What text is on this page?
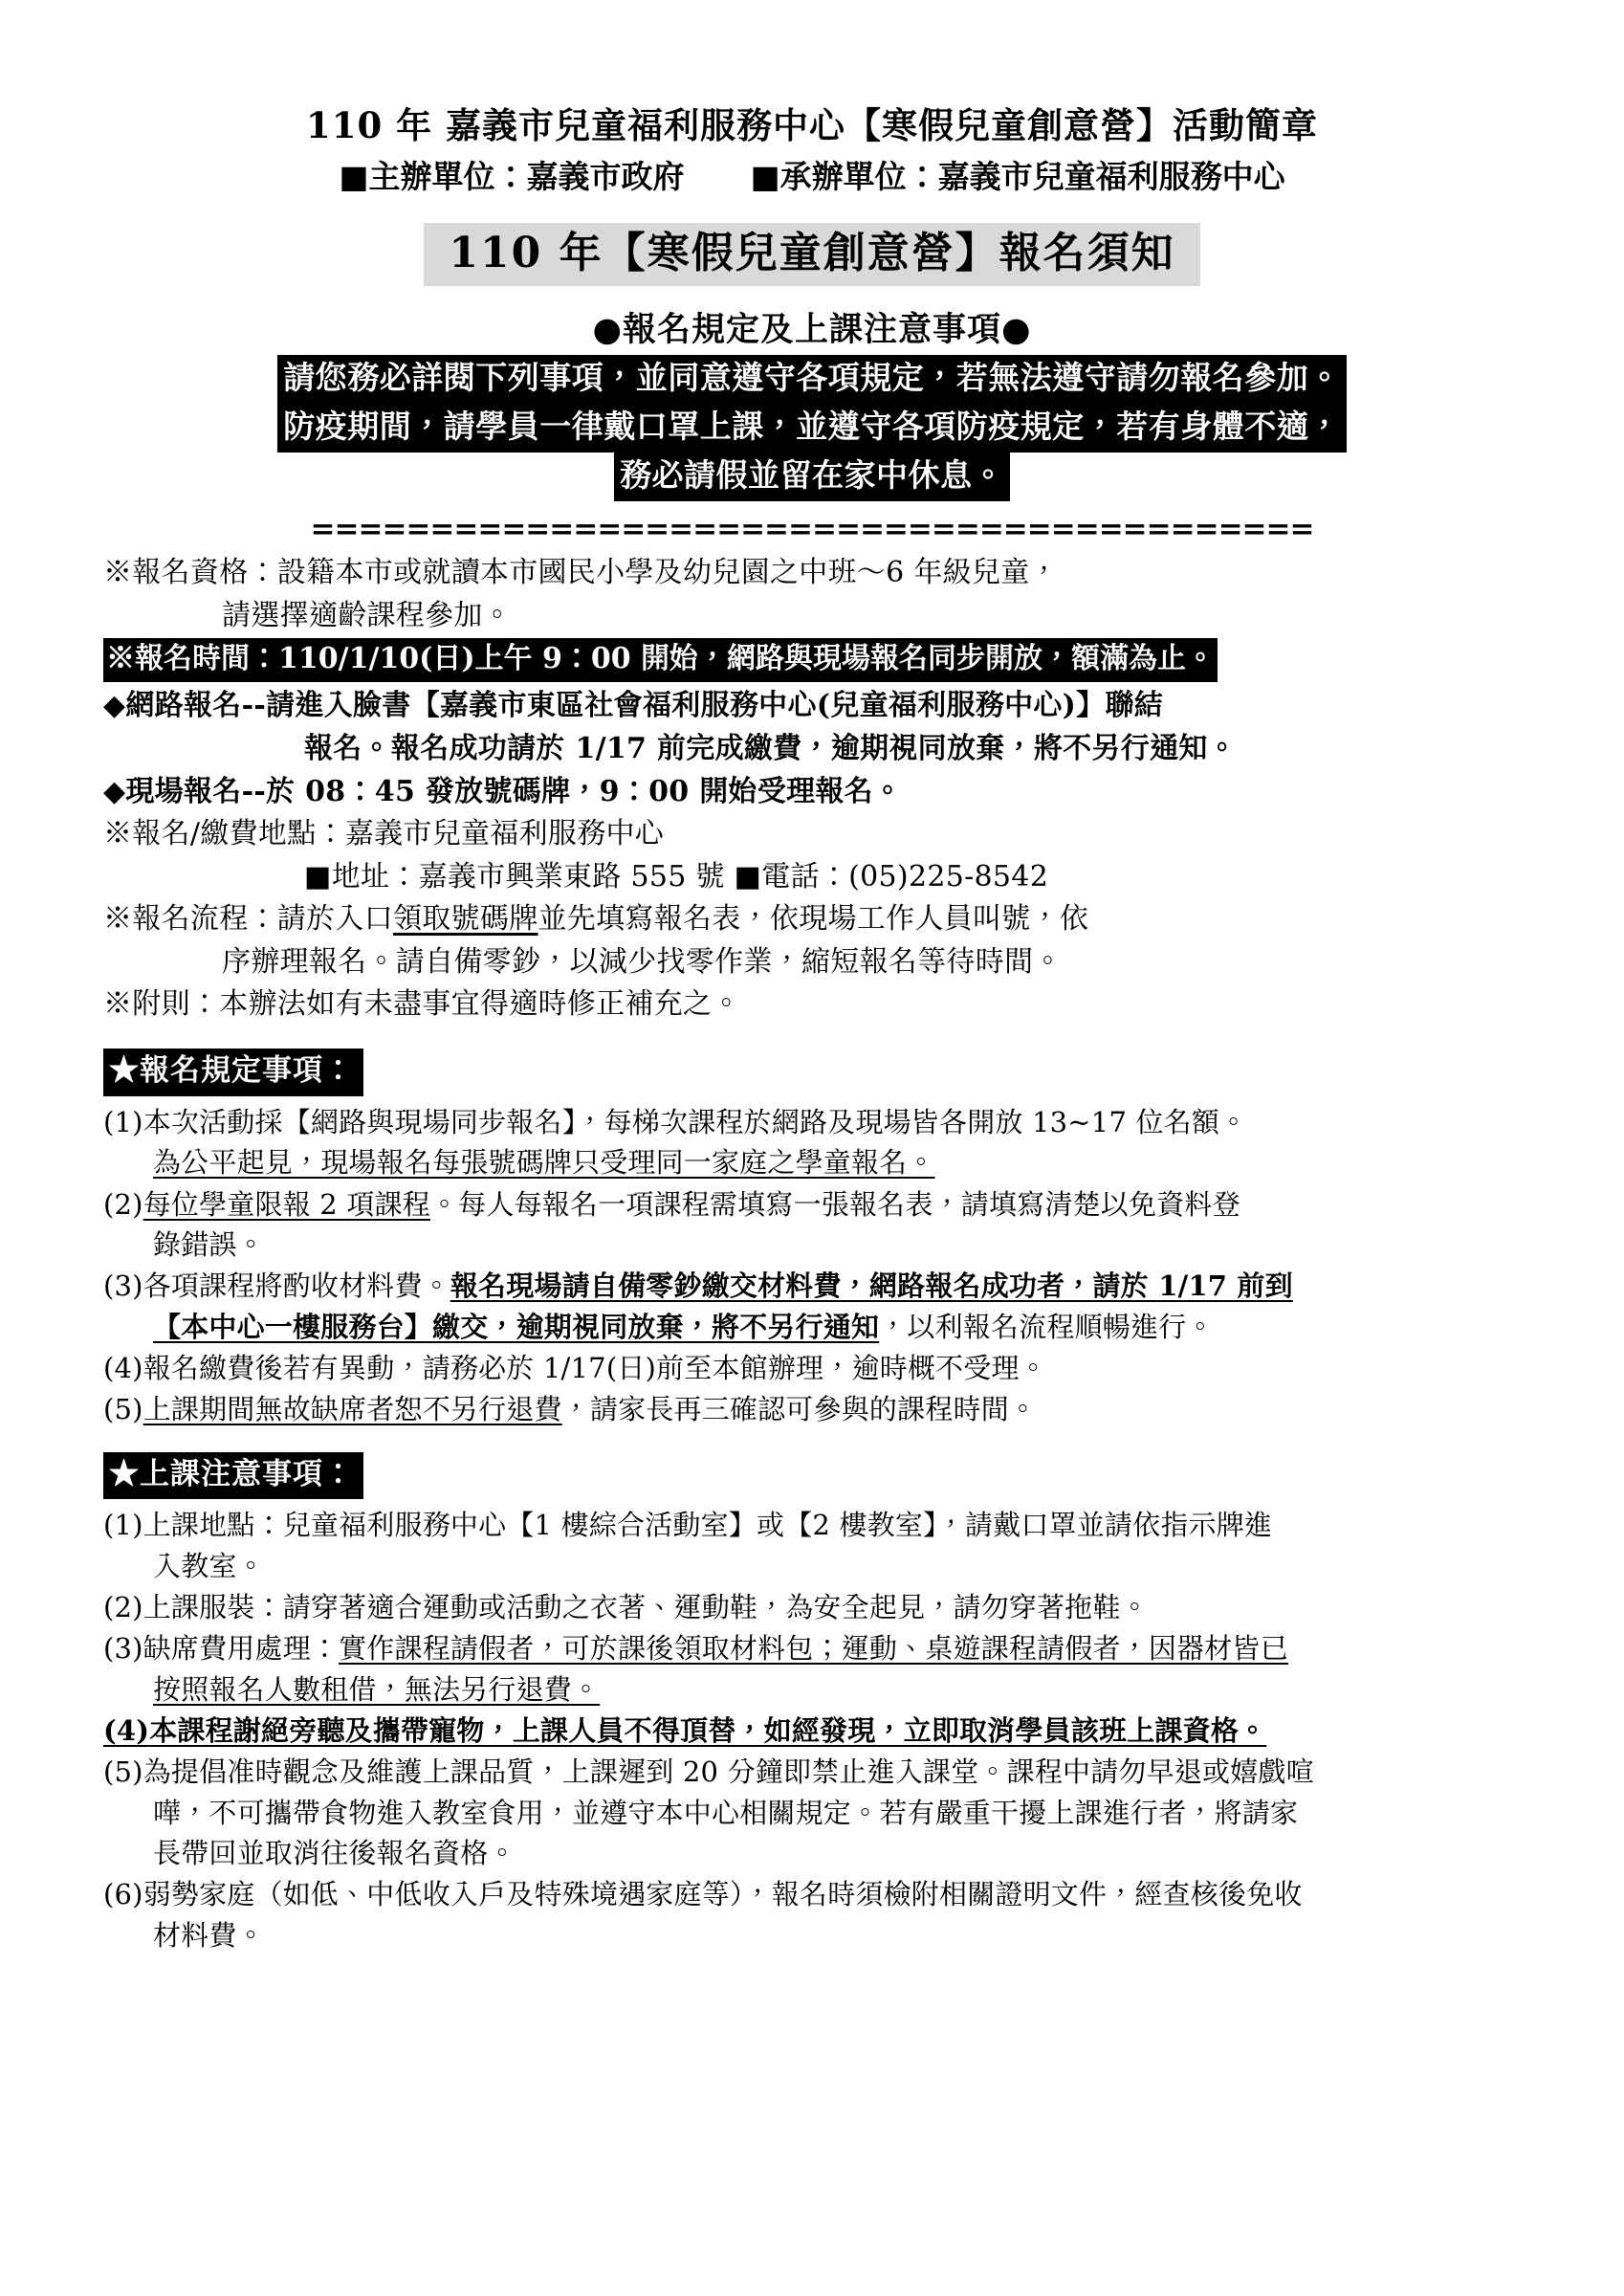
110 年 嘉義市兒童福利服務中心【寒假兒童創意營】活動簡章
■主辦單位：嘉義市政府      ■承辦單位：嘉義市兒童福利服務中心
110 年【寒假兒童創意營】報名須知
●報名規定及上課注意事項●
請您務必詳閱下列事項，並同意遵守各項規定，若無法遵守請勿報名參加。
防疫期間，請學員一律戴口罩上課，並遵守各項防疫規定，若有身體不適，
務必請假並留在家中休息。
==========================================
※報名資格：設籍本市或就讀本市國民小學及幼兒園之中班～6 年級兒童，
請選擇適齡課程參加。
※報名時間：110/1/10(日)上午 9：00 開始，網路與現場報名同步開放，額滿為止。
◆網路報名--請進入臉書【嘉義市東區社會福利服務中心(兒童福利服務中心)】聯結
報名。報名成功請於 1/17 前完成繳費，逾期視同放棄，將不另行通知。
◆現場報名--於 08：45 發放號碼牌，9：00 開始受理報名。
※報名/繳費地點：嘉義市兒童福利服務中心
■地址：嘉義市興業東路 555 號 ■電話：(05)225-8542
※報名流程：請於入口領取號碼牌並先填寫報名表，依現場工作人員叫號，依
序辦理報名。請自備零鈔，以減少找零作業，縮短報名等待時間。
※附則：本辦法如有未盡事宜得適時修正補充之。
★報名規定事項：
(1)本次活動採【網路與現場同步報名】，每梯次課程於網路及現場皆各開放 13~17 位名額。
為公平起見，現場報名每張號碼牌只受理同一家庭之學童報名。
(2)每位學童限報 2 項課程。每人每報名一項課程需填寫一張報名表，請填寫清楚以免資料登
錄錯誤。
(3)各項課程將酌收材料費。報名現場請自備零鈔繳交材料費，網路報名成功者，請於 1/17 前到
【本中心一樓服務台】繳交，逾期視同放棄，將不另行通知，以利報名流程順暢進行。
(4)報名繳費後若有異動，請務必於 1/17(日)前至本館辦理，逾時概不受理。
(5)上課期間無故缺席者恕不另行退費，請家長再三確認可參與的課程時間。
★上課注意事項：
(1)上課地點：兒童福利服務中心【1 樓綜合活動室】或【2 樓教室】，請戴口罩並請依指示牌進
入教室。
(2)上課服裝：請穿著適合運動或活動之衣著、運動鞋，為安全起見，請勿穿著拖鞋。
(3)缺席費用處理：實作課程請假者，可於課後領取材料包；運動、桌遊課程請假者，因器材皆已
按照報名人數租借，無法另行退費。
(4)本課程謝絕旁聽及攜帶寵物，上課人員不得頂替，如經發現，立即取消學員該班上課資格。
(5)為提倡准時觀念及維護上課品質，上課遲到 20 分鐘即禁止進入課堂。課程中請勿早退或嬉戲喧
嘩，不可攜帶食物進入教室食用，並遵守本中心相關規定。若有嚴重干擾上課進行者，將請家
長帶回並取消往後報名資格。
(6)弱勢家庭（如低、中低收入戶及特殊境遇家庭等），報名時須檢附相關證明文件，經查核後免收
材料費。
